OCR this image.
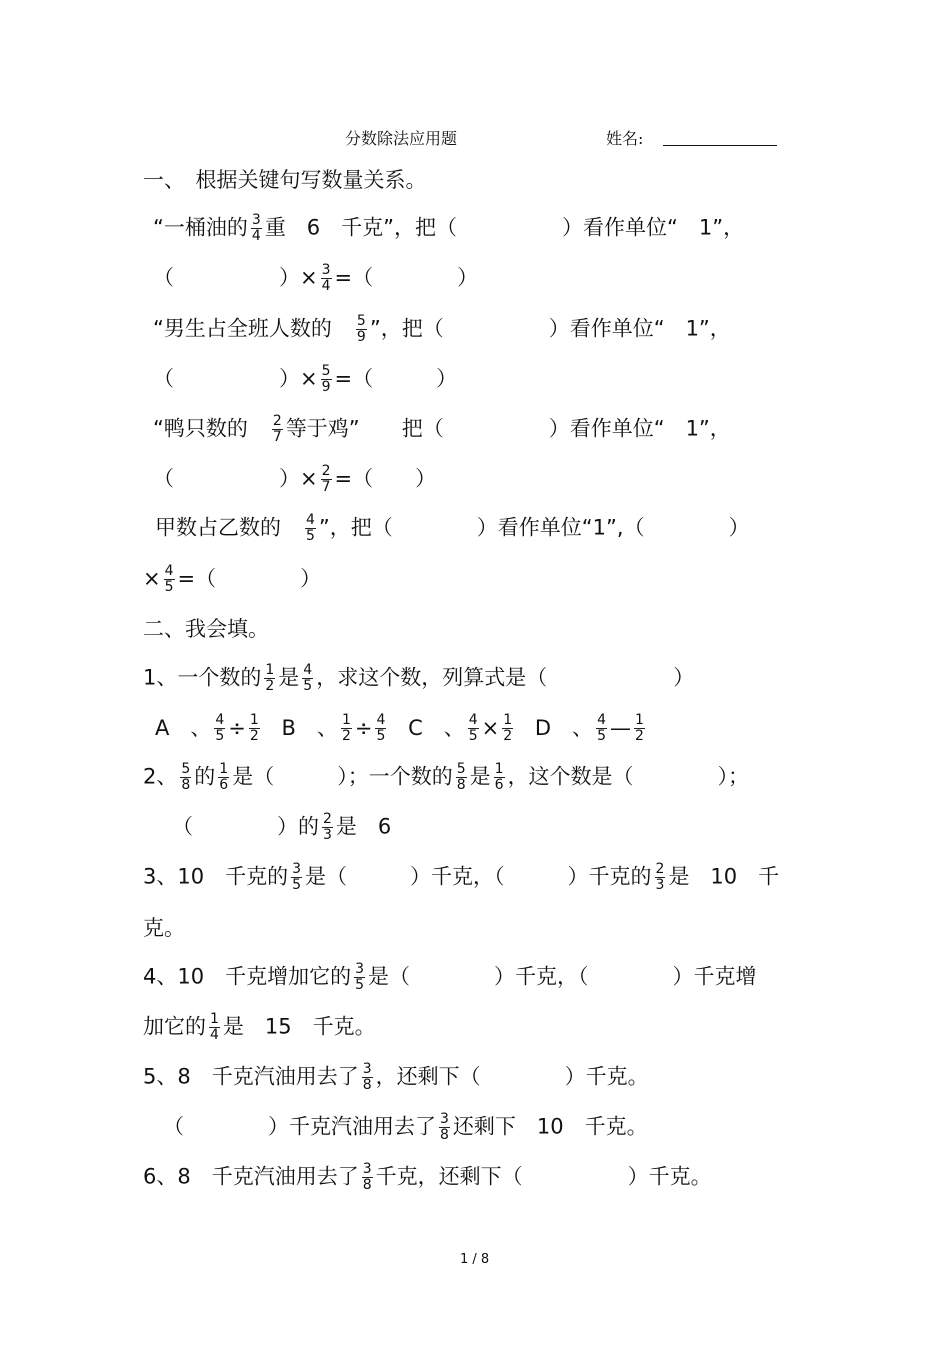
分数除法应用题	姓名:
一、　根据关键句写数量关系。
“一桶油的 $\frac{3}{4}$ 重　6　千克”，把（　　　　　）看作单位“　1”，
（　　　　　）× $\frac{3}{4}$ =（　　　　）
“男生占全班人数的　 $\frac{5}{9}$ ”，把（　　　　　）看作单位“　1”，
（　　　　　）× $\frac{5}{9}$ =（　　　）
“鸭只数的　 $\frac{2}{7}$ 等于鸡”　　把（　　　　　）看作单位“　1”，
（　　　　　）× $\frac{2}{7}$ =（　　）
甲数占乙数的　 $\frac{4}{5}$ ”，把（　　　　）看作单位“1”,（　　　　）
× $\frac{4}{5}$ =（　　　　）
二、我会填。
1、一个数的 $\frac{1}{2}$ 是 $\frac{4}{5}$ ，求这个数，列算式是（　　　　　　）
A　、 $\frac{4}{5} \div \frac{1}{2}$ B　、 $\frac{1}{2} \div \frac{4}{5}$ C　、 $\frac{4}{5} \times \frac{1}{2}$ D　、 $\frac{4}{5}$ — $\frac{1}{2}$
2、 $\frac{5}{8}$ 的 $\frac{1}{6}$ 是（　　　）；一个数的 $\frac{5}{8}$ 是 $\frac{1}{6}$ ，这个数是（　　　　）；
（　　　　）的 $\frac{2}{3}$ 是　6
3、10　千克的 $\frac{3}{5}$ 是（　　　）千克，（　　　）千克的 $\frac{2}{3}$ 是　10　千
克。
4、10　千克增加它的 $\frac{3}{5}$ 是（　　　　）千克，（　　　　）千克增
加它的 $\frac{1}{4}$ 是　15　千克。
5、8　千克汽油用去了 $\frac{3}{8}$ ，还剩下（　　　　）千克。
（　　　　）千克汽油用去了 $\frac{3}{8}$ 还剩下　10　千克。
6、8　千克汽油用去了 $\frac{3}{8}$ 千克，还剩下（　　　　　）千克。
1 / 8
